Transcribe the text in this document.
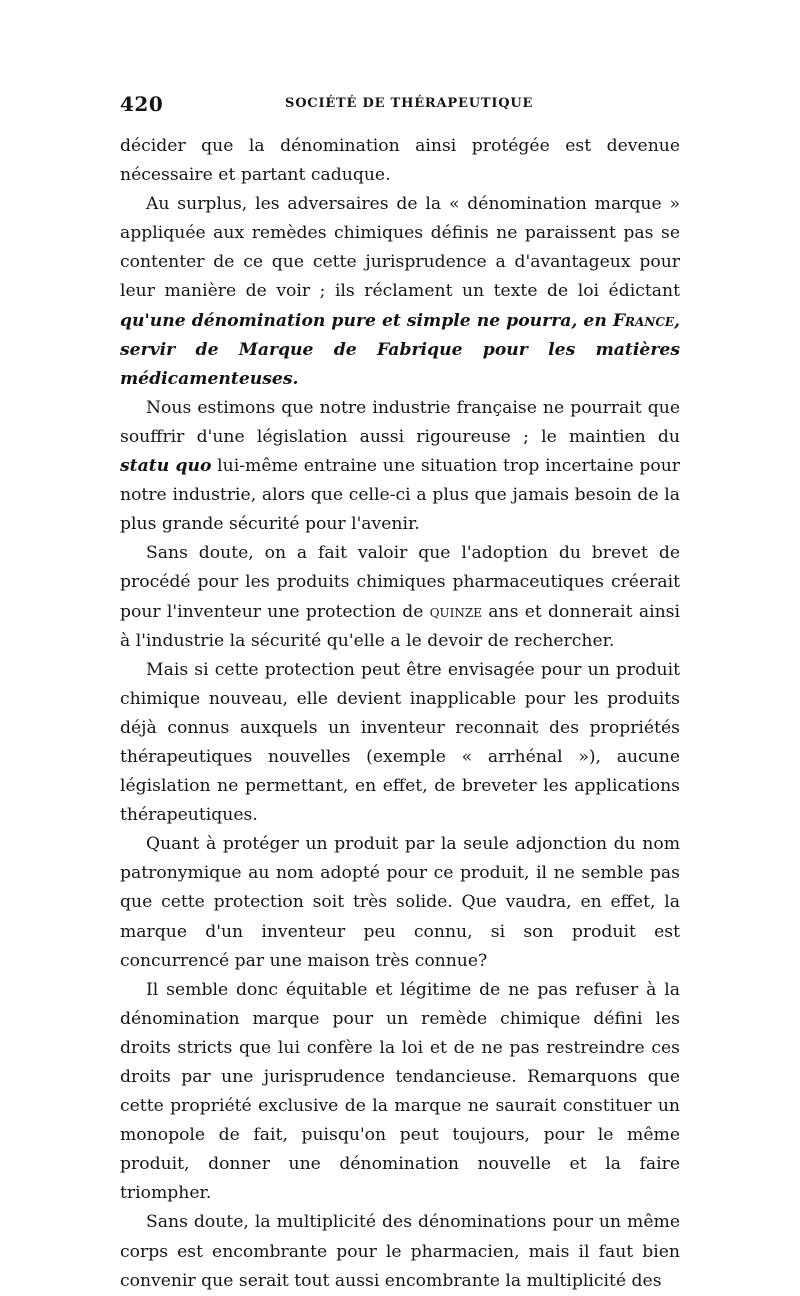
420	SOCIÉTÉ DE THÉRAPEUTIQUE

décider que la dénomination ainsi protégée est devenue nécessaire et partant caduque.

Au surplus, les adversaires de la « dénomination marque » appliquée aux remèdes chimiques définis ne paraissent pas se contenter de ce que cette jurisprudence a d'avantageux pour leur manière de voir ; ils réclament un texte de loi édictant qu'une dénomination pure et simple ne pourra, en France, servir de Marque de Fabrique pour les matières médicamenteuses.

Nous estimons que notre industrie française ne pourrait que souffrir d'une législation aussi rigoureuse ; le maintien du statu quo lui-même entraine une situation trop incertaine pour notre industrie, alors que celle-ci a plus que jamais besoin de la plus grande sécurité pour l'avenir.

Sans doute, on a fait valoir que l'adoption du brevet de procédé pour les produits chimiques pharmaceutiques créerait pour l'inventeur une protection de quinze ans et donnerait ainsi à l'industrie la sécurité qu'elle a le devoir de rechercher.

Mais si cette protection peut être envisagée pour un produit chimique nouveau, elle devient inapplicable pour les produits déjà connus auxquels un inventeur reconnait des propriétés thérapeutiques nouvelles (exemple « arrhénal »), aucune législation ne permettant, en effet, de breveter les applications thérapeutiques.

Quant à protéger un produit par la seule adjonction du nom patronymique au nom adopté pour ce produit, il ne semble pas que cette protection soit très solide. Que vaudra, en effet, la marque d'un inventeur peu connu, si son produit est concurrencé par une maison très connue?

Il semble donc équitable et légitime de ne pas refuser à la dénomination marque pour un remède chimique défini les droits stricts que lui confère la loi et de ne pas restreindre ces droits par une jurisprudence tendancieuse. Remarquons que cette propriété exclusive de la marque ne saurait constituer un monopole de fait, puisqu'on peut toujours, pour le même produit, donner une dénomination nouvelle et la faire triompher.

Sans doute, la multiplicité des dénominations pour un même corps est encombrante pour le pharmacien, mais il faut bien convenir que serait tout aussi encombrante la multiplicité des
